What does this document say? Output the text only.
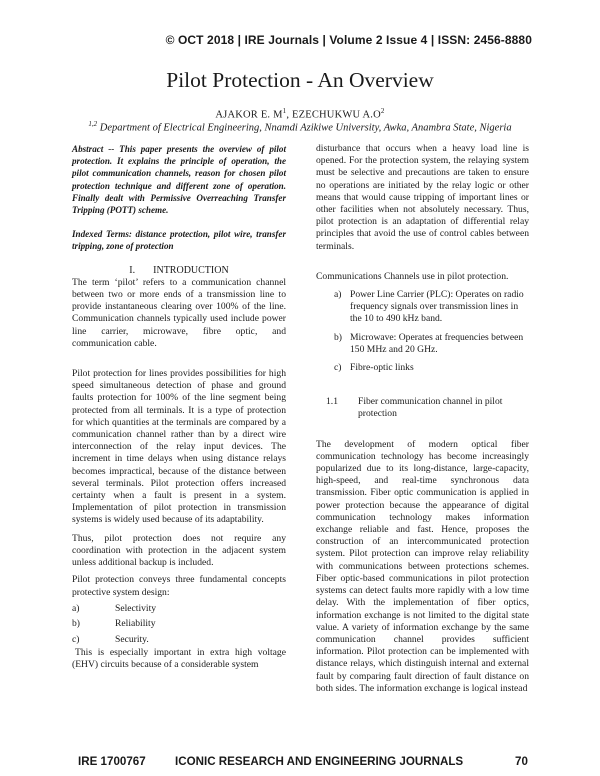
© OCT 2018 | IRE Journals | Volume 2 Issue 4 | ISSN: 2456-8880
Pilot Protection - An Overview
AJAKOR E. $M^1$, EZECHUKWU $A.O^2$
$^{1,2}$ Department of Electrical Engineering, Nnamdi Azikiwe University, Awka, Anambra State, Nigeria

Abstract -- This paper presents the overview of pilot protection. It explains the principle of operation, the pilot communication channels, reason for chosen pilot protection technique and different zone of operation. Finally dealt with Permissive Overreaching Transfer Tripping (POTT) scheme.

Indexed Terms: distance protection, pilot wire, transfer tripping, zone of protection

I. INTRODUCTION

The term ‘pilot’ refers to a communication channel between two or more ends of a transmission line to provide instantaneous clearing over 100% of the line. Communication channels typically used include power line carrier, microwave, fibre optic, and communication cable.

Pilot protection for lines provides possibilities for high speed simultaneous detection of phase and ground faults protection for 100% of the line segment being protected from all terminals. It is a type of protection for which quantities at the terminals are compared by a communication channel rather than by a direct wire interconnection of the relay input devices. The increment in time delays when using distance relays becomes impractical, because of the distance between several terminals. Pilot protection offers increased certainty when a fault is present in a system. Implementation of pilot protection in transmission systems is widely used because of its adaptability.

Thus, pilot protection does not require any coordination with protection in the adjacent system unless additional backup is included.

Pilot protection conveys three fundamental concepts protective system design:

a)	Selectivity
b)	Reliability
c)	Security.

This is especially important in extra high voltage (EHV) circuits because of a considerable system

disturbance that occurs when a heavy load line is opened. For the protection system, the relaying system must be selective and precautions are taken to ensure no operations are initiated by the relay logic or other means that would cause tripping of important lines or other facilities when not absolutely necessary. Thus, pilot protection is an adaptation of differential relay principles that avoid the use of control cables between terminals.

Communications Channels use in pilot protection.

a) Power Line Carrier (PLC): Operates on radio frequency signals over transmission lines in the 10 to 490 kHz band.
b) Microwave: Operates at frequencies between 150 MHz and 20 GHz.
c) Fibre-optic links
1.1 Fiber communication channel in pilot protection

The development of modern optical fiber communication technology has become increasingly popularized due to its long-distance, large-capacity, high-speed, and real-time synchronous data transmission. Fiber optic communication is applied in power protection because the appearance of digital communication technology makes information exchange reliable and fast. Hence, proposes the construction of an intercommunicated protection system. Pilot protection can improve relay reliability with communications between protections schemes. Fiber optic-based communications in pilot protection systems can detect faults more rapidly with a low time delay. With the implementation of fiber optics, information exchange is not limited to the digital state value. A variety of information exchange by the same communication channel provides sufficient information. Pilot protection can be implemented with distance relays, which distinguish internal and external fault by comparing fault direction of fault distance on both sides. The information exchange is logical instead

IRE 1700767	ICONIC RESEARCH AND ENGINEERING JOURNALS	70
